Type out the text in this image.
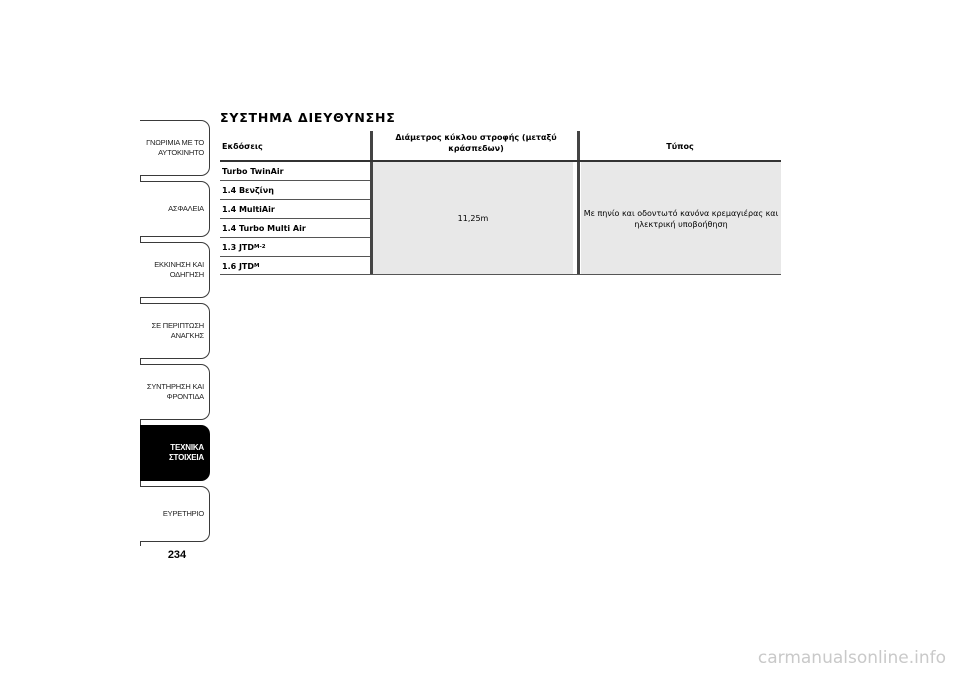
ΓΝΩΡΙΜΙΑ ΜΕ ΤΟ
ΑΥΤΟΚΙΝΗΤΟ
ΑΣΦΑΛΕΙΑ
ΕΚΚΙΝΗΣΗ ΚΑΙ
ΟΔΗΓΗΣΗ
ΣΕ ΠΕΡΙΠΤΩΣΗ
ΑΝΑΓΚΗΣ
ΣΥΝΤΗΡΗΣΗ ΚΑΙ
ΦΡΟΝΤΙΔΑ
ΤΕΧΝΙΚΑ
ΣΤΟΙΧΕΙΑ
ΕΥΡΕΤΗΡΙΟ
234
ΣΥΣΤΗΜΑ ΔΙΕΥΘΥΝΣΗΣ
Εκδόσεις
Διάμετρος κύκλου στροφής (μεταξύ κράσπεδων)	Τύπος
Turbo TwinAir
1.4 Βενζίνη
1.4 MultiAir
1.4 Turbo Multi Air
1.3 JTD M-2
1.6 JTD M
11,25m
Με πηνίο και οδοντωτό κανόνα κρεμαγιέρας και ηλεκτρική υποβοήθηση
carmanualsonline.info
